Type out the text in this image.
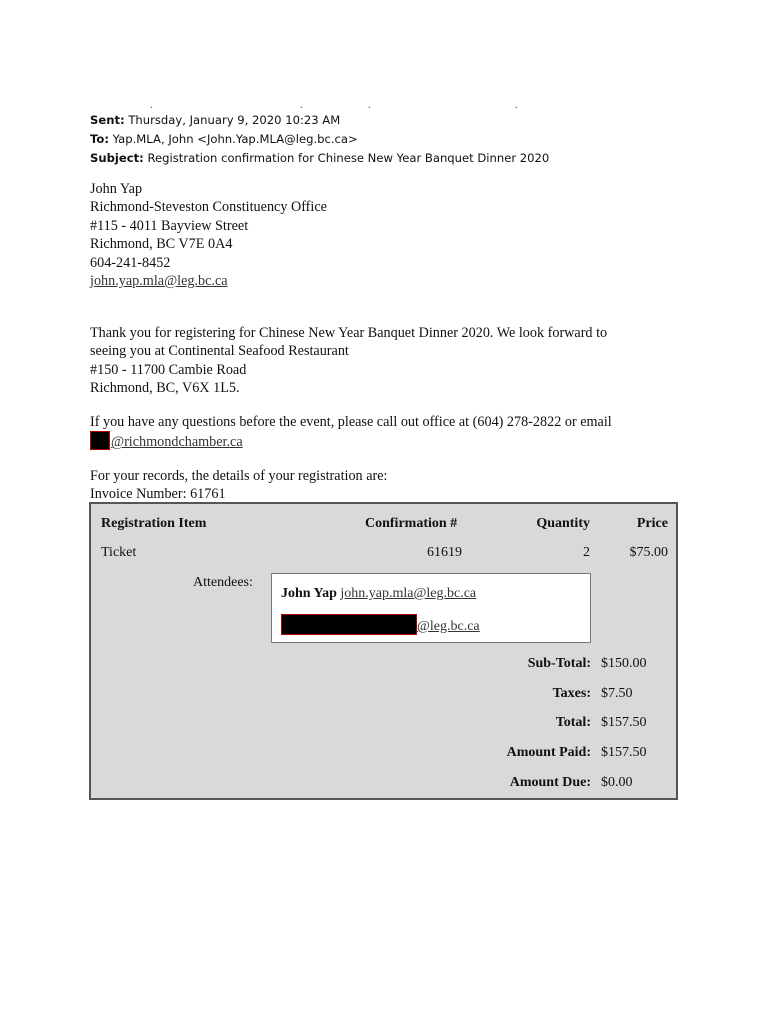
.	.	.	.
Sent: Thursday, January 9, 2020 10:23 AM
To: Yap.MLA, John <John.Yap.MLA@leg.bc.ca>
Subject: Registration confirmation for Chinese New Year Banquet Dinner 2020
John Yap
Richmond-Steveston Constituency Office
#115 - 4011 Bayview Street
Richmond, BC V7E 0A4
604-241-8452
john.yap.mla@leg.bc.ca
Thank you for registering for Chinese New Year Banquet Dinner 2020. We look forward to
seeing you at Continental Seafood Restaurant
#150 - 11700 Cambie Road
Richmond, BC, V6X 1L5.
If you have any questions before the event, please call out office at (604) 278-2822 or email
@richmondchamber.ca
For your records, the details of your registration are:
Invoice Number: 61761
Registration Item	Confirmation #	Quantity	Price
Ticket	61619	2	$75.00
Attendees:
John Yap john.yap.mla@leg.bc.ca
@leg.bc.ca
Sub-Total: $150.00
Taxes: $7.50
Total: $157.50
Amount Paid: $157.50
Amount Due: $0.00
